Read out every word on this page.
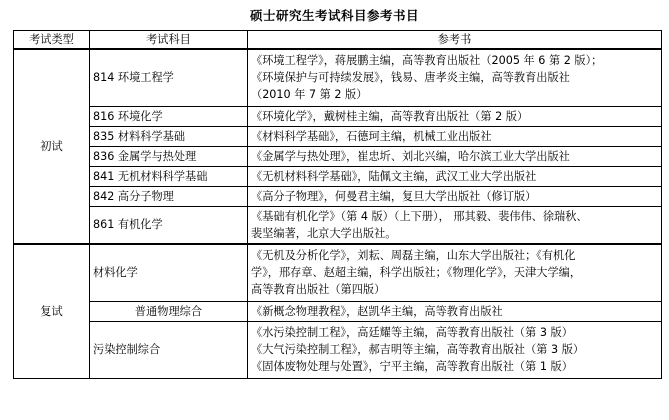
硕士研究生考试科目参考书目
考试类型	考试科目	参考书
初试	814 环境工程学	《环境工程学》，蒋展鹏主编，高等教育出版社（2005 年 6 第 2 版）；
《环境保护与可持续发展》，钱易、唐孝炎主编，高等教育出版社
（2010 年 7 第 2 版）

	816 环境化学	《环境化学》，戴树桂主编，高等教育出版社（第 2 版）

	835 材料科学基础	《材料科学基础》，石德珂主编，机械工业出版社

	836 金属学与热处理	《金属学与热处理》，崔忠圻、刘北兴编，哈尔滨工业大学出版社

	841 无机材料科学基础	《无机材料科学基础》，陆佩文主编，武汉工业大学出版社

	842 高分子物理	《高分子物理》，何曼君主编，复旦大学出版社（修订版）

	861 有机化学	《基础有机化学》（第 4 版）（上下册）， 邢其毅、裴伟伟、徐瑞秋、
裴坚编著，北京大学出版社。

复试	材料化学	《无机及分析化学》，刘耘、周磊主编，山东大学出版社；《有机化
学》，邢存章、赵超主编，科学出版社；《物理化学》，天津大学编，
高等教育出版社（第四版）

	普通物理综合	《新概念物理教程》，赵凯华主编，高等教育出版社

	污染控制综合	《水污染控制工程》，高廷耀等主编，高等教育出版社（第 3 版）
《大气污染控制工程》，郝吉明等主编，高等教育出版社（第 3 版）
《固体废物处理与处置》，宁平主编，高等教育出版社（第 1 版）
